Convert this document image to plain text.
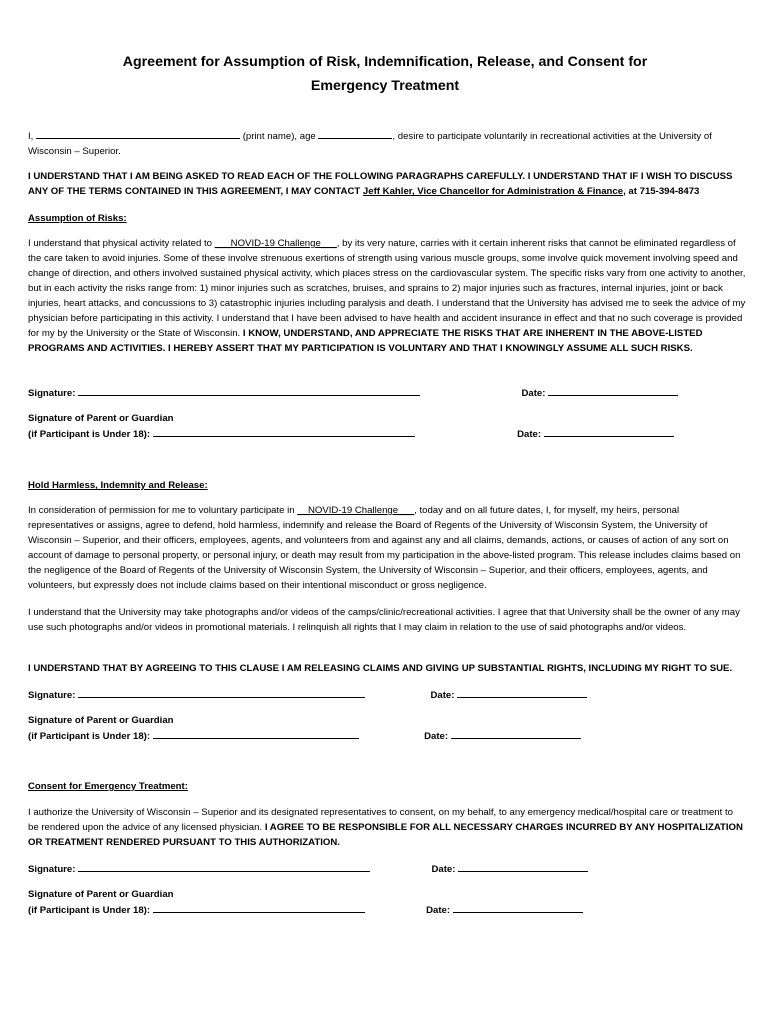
Agreement for Assumption of Risk, Indemnification, Release, and Consent for
Emergency Treatment

I,	(print name), age	, desire to participate voluntarily in recreational activities at the University of Wisconsin – Superior.

I UNDERSTAND THAT I AM BEING ASKED TO READ EACH OF THE FOLLOWING PARAGRAPHS CAREFULLY. I UNDERSTAND THAT IF I WISH TO DISCUSS ANY OF THE TERMS CONTAINED IN THIS AGREEMENT, I MAY CONTACT Jeff Kahler, Vice Chancellor for Administration & Finance, at 715-394-8473

Assumption of Risks:

I understand that physical activity related to ___NOVID-19 Challenge___, by its very nature, carries with it certain inherent risks that cannot be eliminated regardless of the care taken to avoid injuries. Some of these involve strenuous exertions of strength using various muscle groups, some involve quick movement involving speed and change of direction, and others involved sustained physical activity, which places stress on the cardiovascular system. The specific risks vary from one activity to another, but in each activity the risks range from: 1) minor injuries such as scratches, bruises, and sprains to 2) major injuries such as fractures, internal injuries, joint or back injuries, heart attacks, and concussions to 3) catastrophic injuries including paralysis and death. I understand that the University has advised me to seek the advice of my physician before participating in this activity. I understand that I have been advised to have health and accident insurance in effect and that no such coverage is provided for my by the University or the State of Wisconsin. I KNOW, UNDERSTAND, AND APPRECIATE THE RISKS THAT ARE INHERENT IN THE ABOVE-LISTED PROGRAMS AND ACTIVITIES. I HEREBY ASSERT THAT MY PARTICIPATION IS VOLUNTARY AND THAT I KNOWINGLY ASSUME ALL SUCH RISKS.

Signature:	Date:
Signature of Parent or Guardian
(if Participant is Under 18):	Date:
Hold Harmless, Indemnity and Release:

In consideration of permission for me to voluntary participate in __NOVID-19 Challenge___, today and on all future dates, I, for myself, my heirs, personal representatives or assigns, agree to defend, hold harmless, indemnify and release the Board of Regents of the University of Wisconsin System, the University of Wisconsin – Superior, and their officers, employees, agents, and volunteers from and against any and all claims, demands, actions, or causes of action of any sort on account of damage to personal property, or personal injury, or death may result from my participation in the above-listed program. This release includes claims based on the negligence of the Board of Regents of the University of Wisconsin System, the University of Wisconsin – Superior, and their officers, employees, agents, and volunteers, but expressly does not include claims based on their intentional misconduct or gross negligence.

I understand that the University may take photographs and/or videos of the camps/clinic/recreational activities. I agree that that University shall be the owner of any may use such photographs and/or videos in promotional materials. I relinquish all rights that I may claim in relation to the use of said photographs and/or videos.

I UNDERSTAND THAT BY AGREEING TO THIS CLAUSE I AM RELEASING CLAIMS AND GIVING UP SUBSTANTIAL RIGHTS, INCLUDING MY RIGHT TO SUE.

Signature:	Date:
Signature of Parent or Guardian
(if Participant is Under 18):	Date:
Consent for Emergency Treatment:

I authorize the University of Wisconsin – Superior and its designated representatives to consent, on my behalf, to any emergency medical/hospital care or treatment to be rendered upon the advice of any licensed physician. I AGREE TO BE RESPONSIBLE FOR ALL NECESSARY CHARGES INCURRED BY ANY HOSPITALIZATION OR TREATMENT RENDERED PURSUANT TO THIS AUTHORIZATION.

Signature:	Date:
Signature of Parent or Guardian
(if Participant is Under 18):	Date:
